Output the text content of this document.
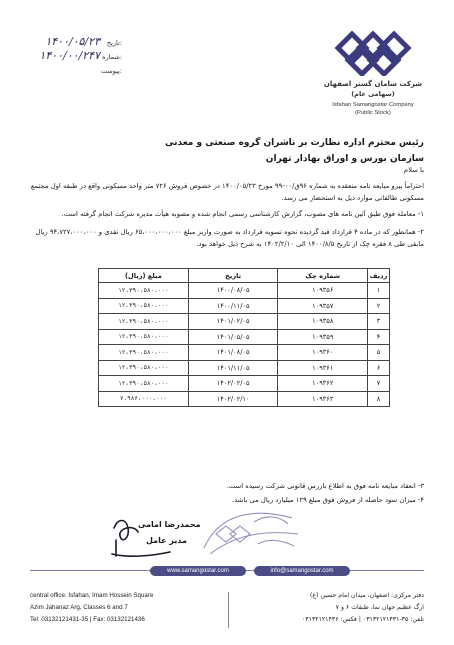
۱۴۰۰/۰۵/۲۳ تاریخ:
۱۴۰۰/۰۰/۲۴۷ شماره:
پیوست:
شرکت سامان گستر اصفهان
(سهامی عام)
Isfahan Samangostar Company
(Public Stock)
رئیس محترم اداره نظارت بر ناشران گروه صنعتی و معدنی
سازمان بورس و اوراق بهادار تهران
با سلام
احتراماً پیرو مبایعه نامه منعقده به شماره ۹۶ق/۰۰-۹۹ مورخ ۱۴۰۰/۰۵/۲۳ در خصوص فروش ۷۲۶ متر واحد مسکونی واقع در طبقه اول مجتمع مسکونی طالقانی موارد ذیل به استحضار می رسد.
۱- معامله فوق طبق آئین نامه های مصوب، گزارش کارشناسی رسمی انجام شده و مصوبه هیأت مدیره شرکت انجام گرفته است.
۲- همانطور که در ماده ۴ قرارداد قید گردیده نحوه تسویه قرارداد به صورت واریز مبلغ ۶۵،۰۰۰،۰۰۰،۰۰۰ ریال نقدی و ۹۴،۷۲۷،۰۰۰،۰۰۰ ریال مابقی طی ۸ فقره چک از تاریخ ۱۴۰۰/۸/۵ الی ۱۴۰۲/۲/۱۰ به شرح ذیل خواهد بود.
ردیف	شماره چک	تاریخ	مبلغ (ریال)
۱	۱۰۹۳۵۶	۱۴۰۰/۰۸/۰۵	۱۲،۳۹۰،۵۸۰،۰۰۰
۲	۱۰۹۳۵۷	۱۴۰۰/۱۱/۰۵	۱۲،۳۹۰،۵۸۰،۰۰۰
۳	۱۰۹۳۵۸	۱۴۰۱/۰۲/۰۵	۱۲،۳۹۰،۵۸۰،۰۰۰
۴	۱۰۹۳۵۹	۱۴۰۱/۰۵/۰۵	۱۲،۳۹۰،۵۸۰،۰۰۰
۵	۱۰۹۳۶۰	۱۴۰۱/۰۸/۰۵	۱۲،۳۹۰،۵۸۰،۰۰۰
۶	۱۰۹۳۶۱	۱۴۰۱/۱۱/۰۵	۱۲،۳۹۰،۵۸۰،۰۰۰
۷	۱۰۹۳۶۲	۱۴۰۲/۰۲/۰۵	۱۲،۳۹۰،۵۸۰،۰۰۰
۸	۱۰۹۳۶۳	۱۴۰۲/۰۲/۱۰	۷،۹۸۶،۰۰۰،۰۰۰
۳- انعقاد مبایعه نامه فوق به اطلاع بازرس قانونی شرکت رسیده است.
۴- میزان سود حاصله از فروش فوق مبلغ ۱۲۹ میلیارد ریال می باشد.
محمدرضا امامی
مدیر عامل
www.samangostar.com	info@samangostar.com
central office: Isfahan, Imam Hossein Square
Azim Jahanaz Arg, Classes 6 and 7
Tel: 03132121431-35 | Fax: 03132121436
دفتر مرکزی: اصفهان، میدان امام حسین (ع)
ارگ عظیم جهان نما، طبقات ۶ و ۷
تلفن: ۳۵-۰۳۱۳۲۱۲۱۴۳۱ | فکس: ۰۳۱۳۲۱۲۱۴۳۶
